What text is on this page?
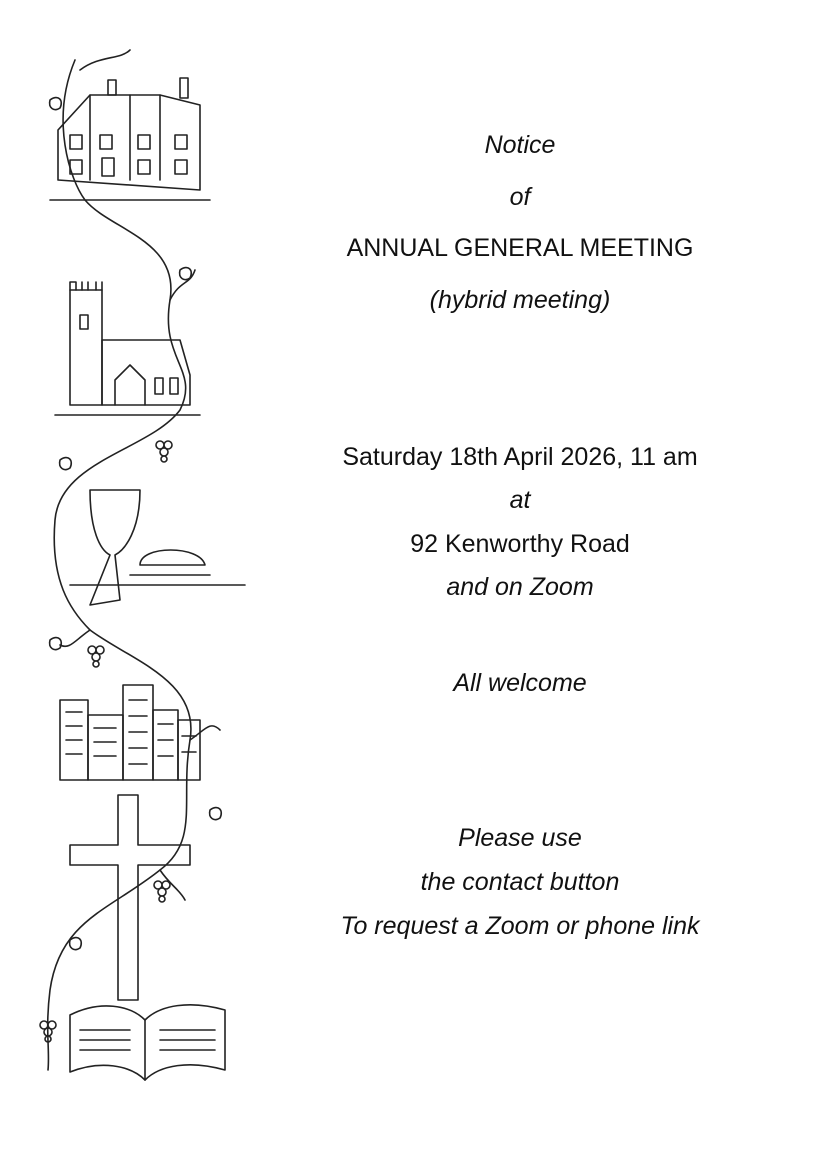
Notice
of
ANNUAL GENERAL MEETING
(hybrid meeting)
Saturday 18th April 2026, 11 am
at
92 Kenworthy Road
and on Zoom
All welcome
Please use
the contact button
To request a Zoom or phone link
